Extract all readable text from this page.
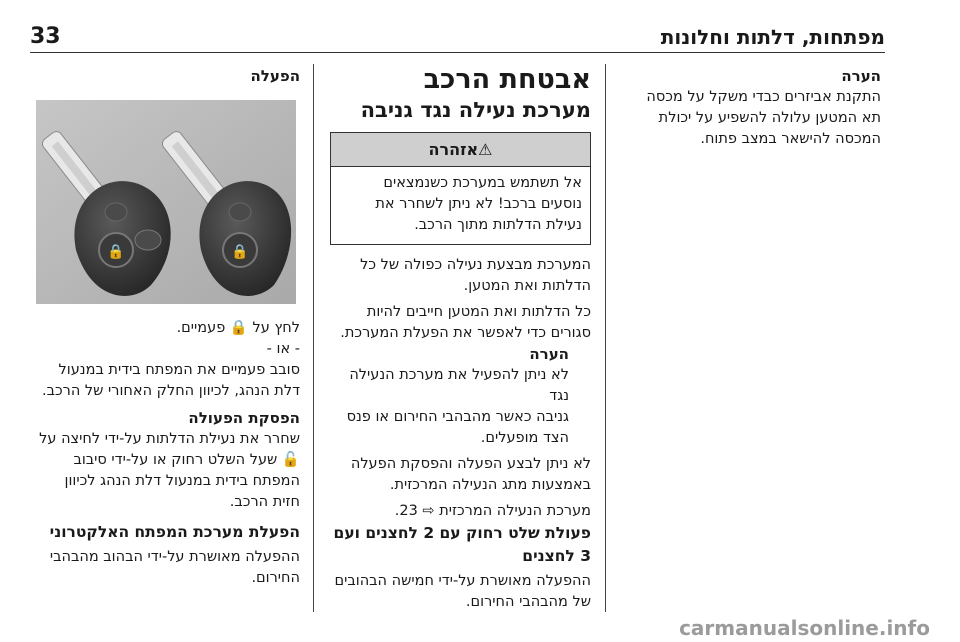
33	מפתחות, דלתות וחלונות

הערה

התקנת אביזרים כבדי משקל על מכסה

תא המטען עלולה להשפיע על יכולת

המכסה להישאר במצב פתוח.

אבטחת הרכב

מערכת נעילה נגד גניבה

⚠אזהרה

אל תשתמש במערכת כשנמצאים

נוסעים ברכב! לא ניתן לשחרר את

נעילת הדלתות מתוך הרכב.

המערכת מבצעת נעילה כפולה של כל

הדלתות ואת המטען.

כל הדלתות ואת המטען חייבים להיות

סגורים כדי לאפשר את הפעלת המערכת.

הערה

לא ניתן להפעיל את מערכת הנעילה נגד

גניבה כאשר מהבהבי החירום או פנס

הצד מופעלים.

לא ניתן לבצע הפעלה והפסקת הפעלה

באמצעות מתג הנעילה המרכזית.

מערכת הנעילה המרכזית ⇨ 23.

פעולת שלט רחוק עם 2 לחצנים ועם 3 לחצנים

ההפעלה מאושרת על-ידי חמישה הבהובים

של מהבהבי החירום.

הפעלה

🔒	🔒

לחץ על 🔒 פעמיים.

- או -

סובב פעמיים את המפתח בידית במנעול

דלת הנהג, לכיוון החלק האחורי של הרכב.

הפסקת הפעולה

שחרר את נעילת הדלתות על-ידי לחיצה על

🔓 שעל השלט רחוק או על-ידי סיבוב

המפתח בידית במנעול דלת הנהג לכיוון

חזית הרכב.

הפעלת מערכת המפתח האלקטרוני

ההפעלה מאושרת על-ידי הבהוב מהבהבי

החירום.

carmanualsonline.info
